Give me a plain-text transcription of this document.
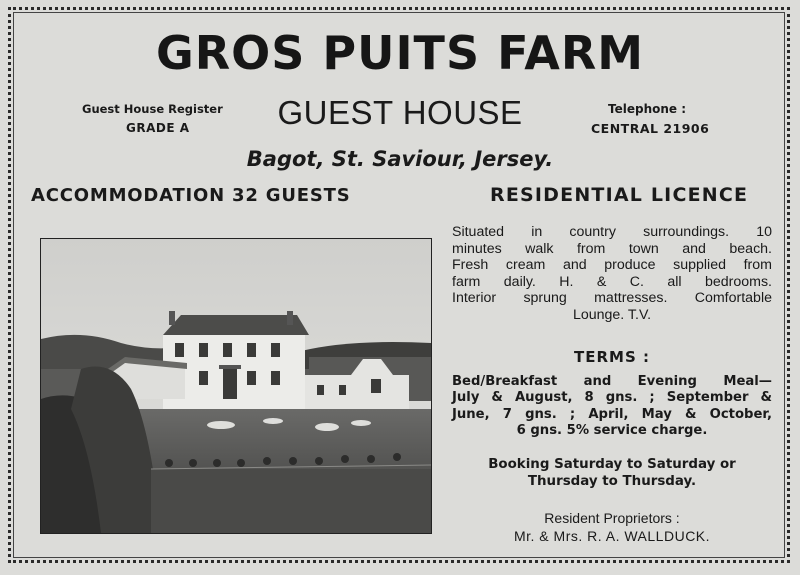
GROS PUITS FARM
Guest House Register
GRADE A	GUEST HOUSE	Telephone :
CENTRAL 21906
Bagot, St. Saviour, Jersey.
ACCOMMODATION 32 GUESTS	RESIDENTIAL LICENCE
Situated in country surroundings. 10
minutes walk from town and beach.
Fresh cream and produce supplied from
farm daily. H. & C. all bedrooms.
Interior sprung mattresses. Comfortable
Lounge. T.V.
TERMS :
Bed/Breakfast and Evening Meal—
July & August, 8 gns. ; September &
June, 7 gns. ; April, May & October,
6 gns. 5% service charge.
Booking Saturday to Saturday or
Thursday to Thursday.
Resident Proprietors :
Mr. & Mrs. R. A. WALLDUCK.
